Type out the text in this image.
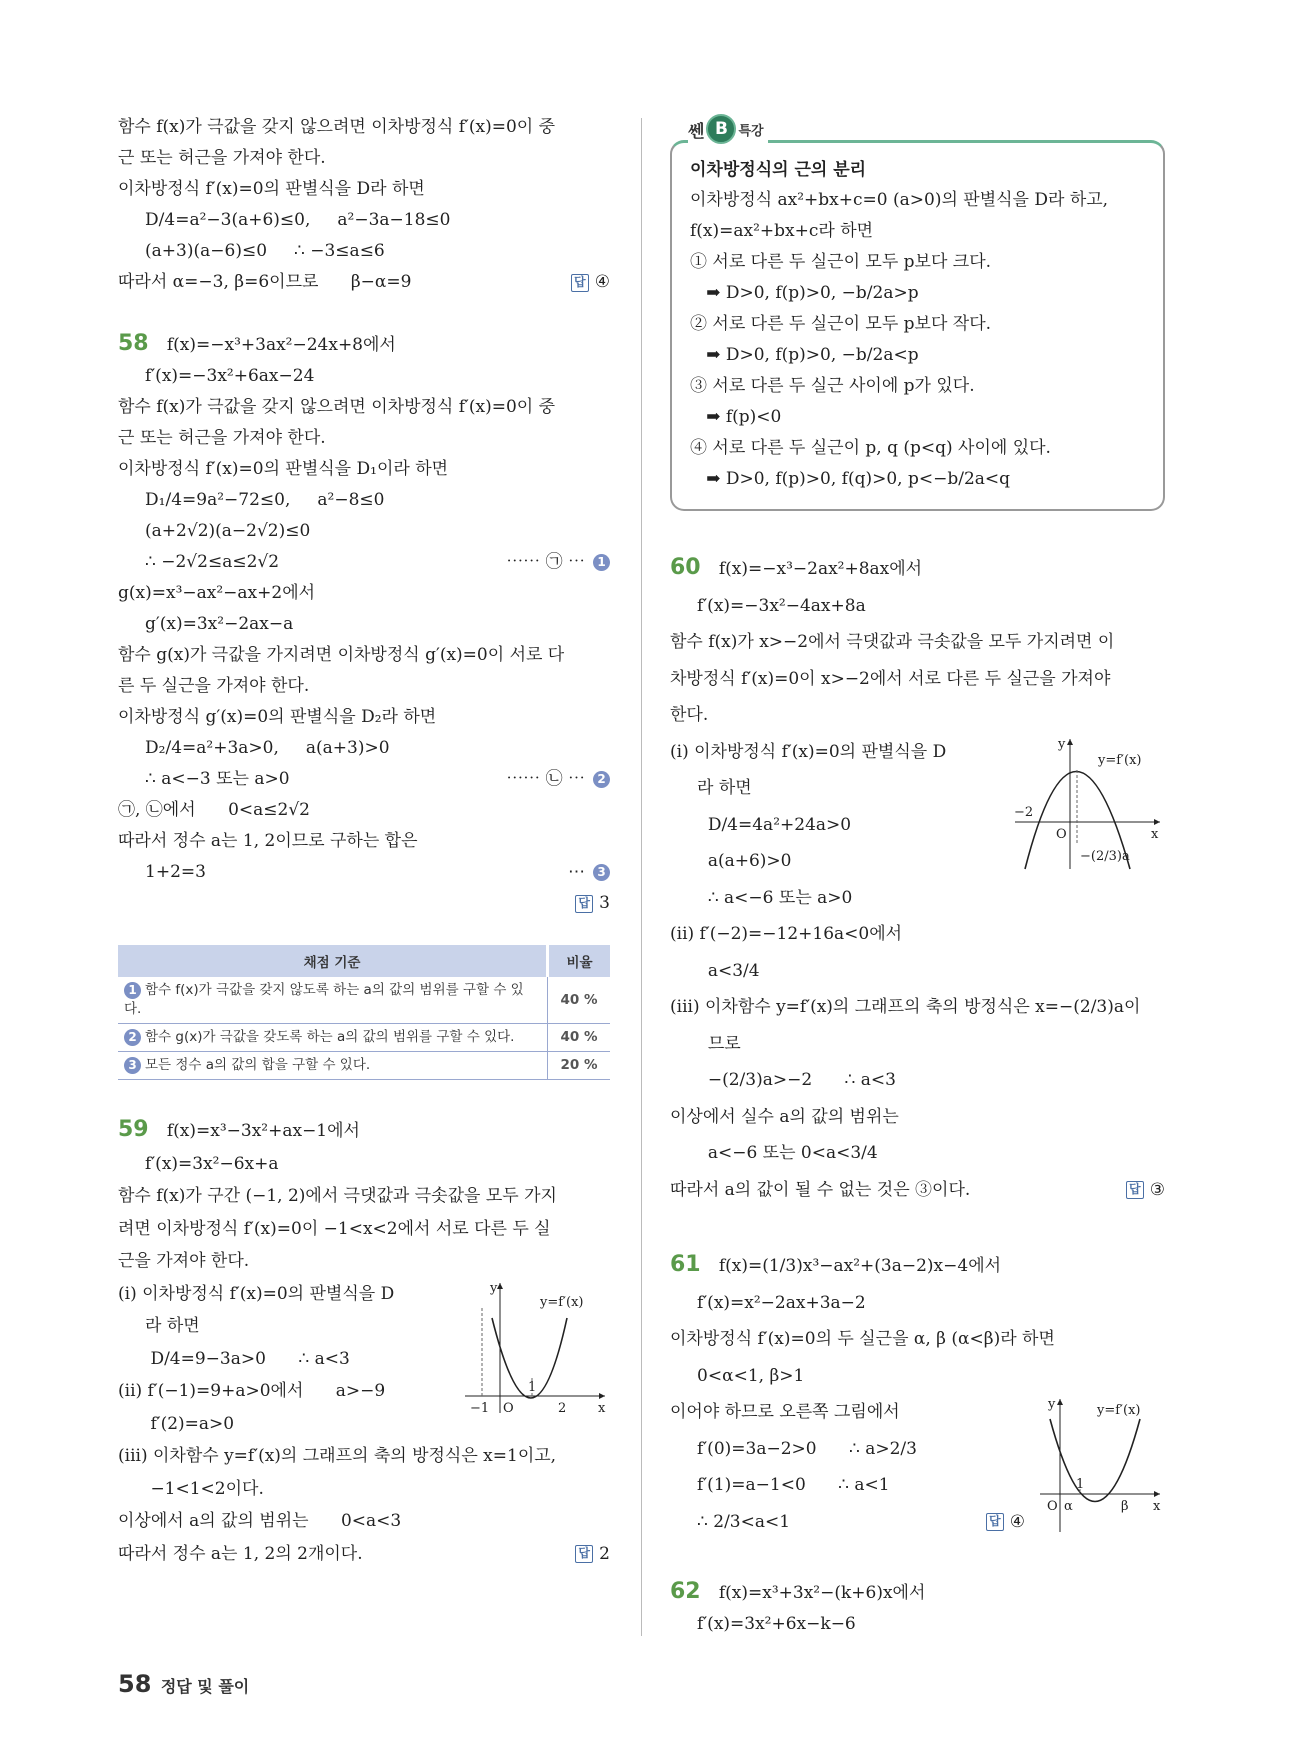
함수 f(x)가 극값을 갖지 않으려면 이차방정식 f′(x)=0이 중
근 또는 허근을 가져야 한다.
이차방정식 f′(x)=0의 판별식을 D라 하면
D/4=a²−3(a+6)≤0,     a²−3a−18≤0
(a+3)(a−6)≤0     ∴ −3≤a≤6
따라서 α=−3, β=6이므로      β−α=9	답 ④
58 f(x)=−x³+3ax²−24x+8에서
f′(x)=−3x²+6ax−24
함수 f(x)가 극값을 갖지 않으려면 이차방정식 f′(x)=0이 중
근 또는 허근을 가져야 한다.
이차방정식 f′(x)=0의 판별식을 D₁이라 하면
D₁/4=9a²−72≤0,     a²−8≤0
(a+2√2)(a−2√2)≤0
∴ −2√2≤a≤2√2	⋯⋯ ㉠ ⋯ 1
g(x)=x³−ax²−ax+2에서
g′(x)=3x²−2ax−a
함수 g(x)가 극값을 가지려면 이차방정식 g′(x)=0이 서로 다
른 두 실근을 가져야 한다.
이차방정식 g′(x)=0의 판별식을 D₂라 하면
D₂/4=a²+3a>0,     a(a+3)>0
∴ a<−3 또는 a>0	⋯⋯ ㉡ ⋯ 2
㉠, ㉡에서      0<a≤2√2
따라서 정수 a는 1, 2이므로 구하는 합은
1+2=3	⋯ 3
답 3
채점 기준	비율
1 함수 f(x)가 극값을 갖지 않도록 하는 a의 값의 범위를 구할 수 있다.	40 %
2 함수 g(x)가 극값을 갖도록 하는 a의 값의 범위를 구할 수 있다.	40 %
3 모든 정수 a의 값의 합을 구할 수 있다.	20 %
59 f(x)=x³−3x²+ax−1에서
f′(x)=3x²−6x+a
함수 f(x)가 구간 (−1, 2)에서 극댓값과 극솟값을 모두 가지
려면 이차방정식 f′(x)=0이 −1<x<2에서 서로 다른 두 실
근을 가져야 한다.
y
x
y=f′(x)
O
−1
1
2
(i) 이차방정식 f′(x)=0의 판별식을 D
라 하면
D/4=9−3a>0      ∴ a<3
(ii) f′(−1)=9+a>0에서      a>−9
f′(2)=a>0
(iii) 이차함수 y=f′(x)의 그래프의 축의 방정식은 x=1이고,
−1<1<2이다.
이상에서 a의 값의 범위는      0<a<3
따라서 정수 a는 1, 2의 2개이다.	답 2
쎈 B 특강
이차방정식의 근의 분리
이차방정식 ax²+bx+c=0 (a>0)의 판별식을 D라 하고,
f(x)=ax²+bx+c라 하면
① 서로 다른 두 실근이 모두 p보다 크다.
➡ D>0, f(p)>0, −b/2a>p
② 서로 다른 두 실근이 모두 p보다 작다.
➡ D>0, f(p)>0, −b/2a<p
③ 서로 다른 두 실근 사이에 p가 있다.
➡ f(p)<0
④ 서로 다른 두 실근이 p, q (p<q) 사이에 있다.
➡ D>0, f(p)>0, f(q)>0, p<−b/2a<q
60 f(x)=−x³−2ax²+8ax에서
f′(x)=−3x²−4ax+8a
함수 f(x)가 x>−2에서 극댓값과 극솟값을 모두 가지려면 이
차방정식 f′(x)=0이 x>−2에서 서로 다른 두 실근을 가져야
한다.
y
x
y=f′(x)
O
−2
−(2/3)a
(i) 이차방정식 f′(x)=0의 판별식을 D
라 하면
D/4=4a²+24a>0
a(a+6)>0
∴ a<−6 또는 a>0
(ii) f′(−2)=−12+16a<0에서
a<3/4
(iii) 이차함수 y=f′(x)의 그래프의 축의 방정식은 x=−(2/3)a이
므로
−(2/3)a>−2      ∴ a<3
이상에서 실수 a의 값의 범위는
a<−6 또는 0<a<3/4
따라서 a의 값이 될 수 없는 것은 ③이다.	답 ③
61 f(x)=(1/3)x³−ax²+(3a−2)x−4에서
f′(x)=x²−2ax+3a−2
이차방정식 f′(x)=0의 두 실근을 α, β (α<β)라 하면
0<α<1, β>1
y
x
y=f′(x)
O α
1
β
이어야 하므로 오른쪽 그림에서
f′(0)=3a−2>0      ∴ a>2/3
f′(1)=a−1<0      ∴ a<1
∴ 2/3<a<1	답 ④
62 f(x)=x³+3x²−(k+6)x에서
f′(x)=3x²+6x−k−6
58 정답 및 풀이
